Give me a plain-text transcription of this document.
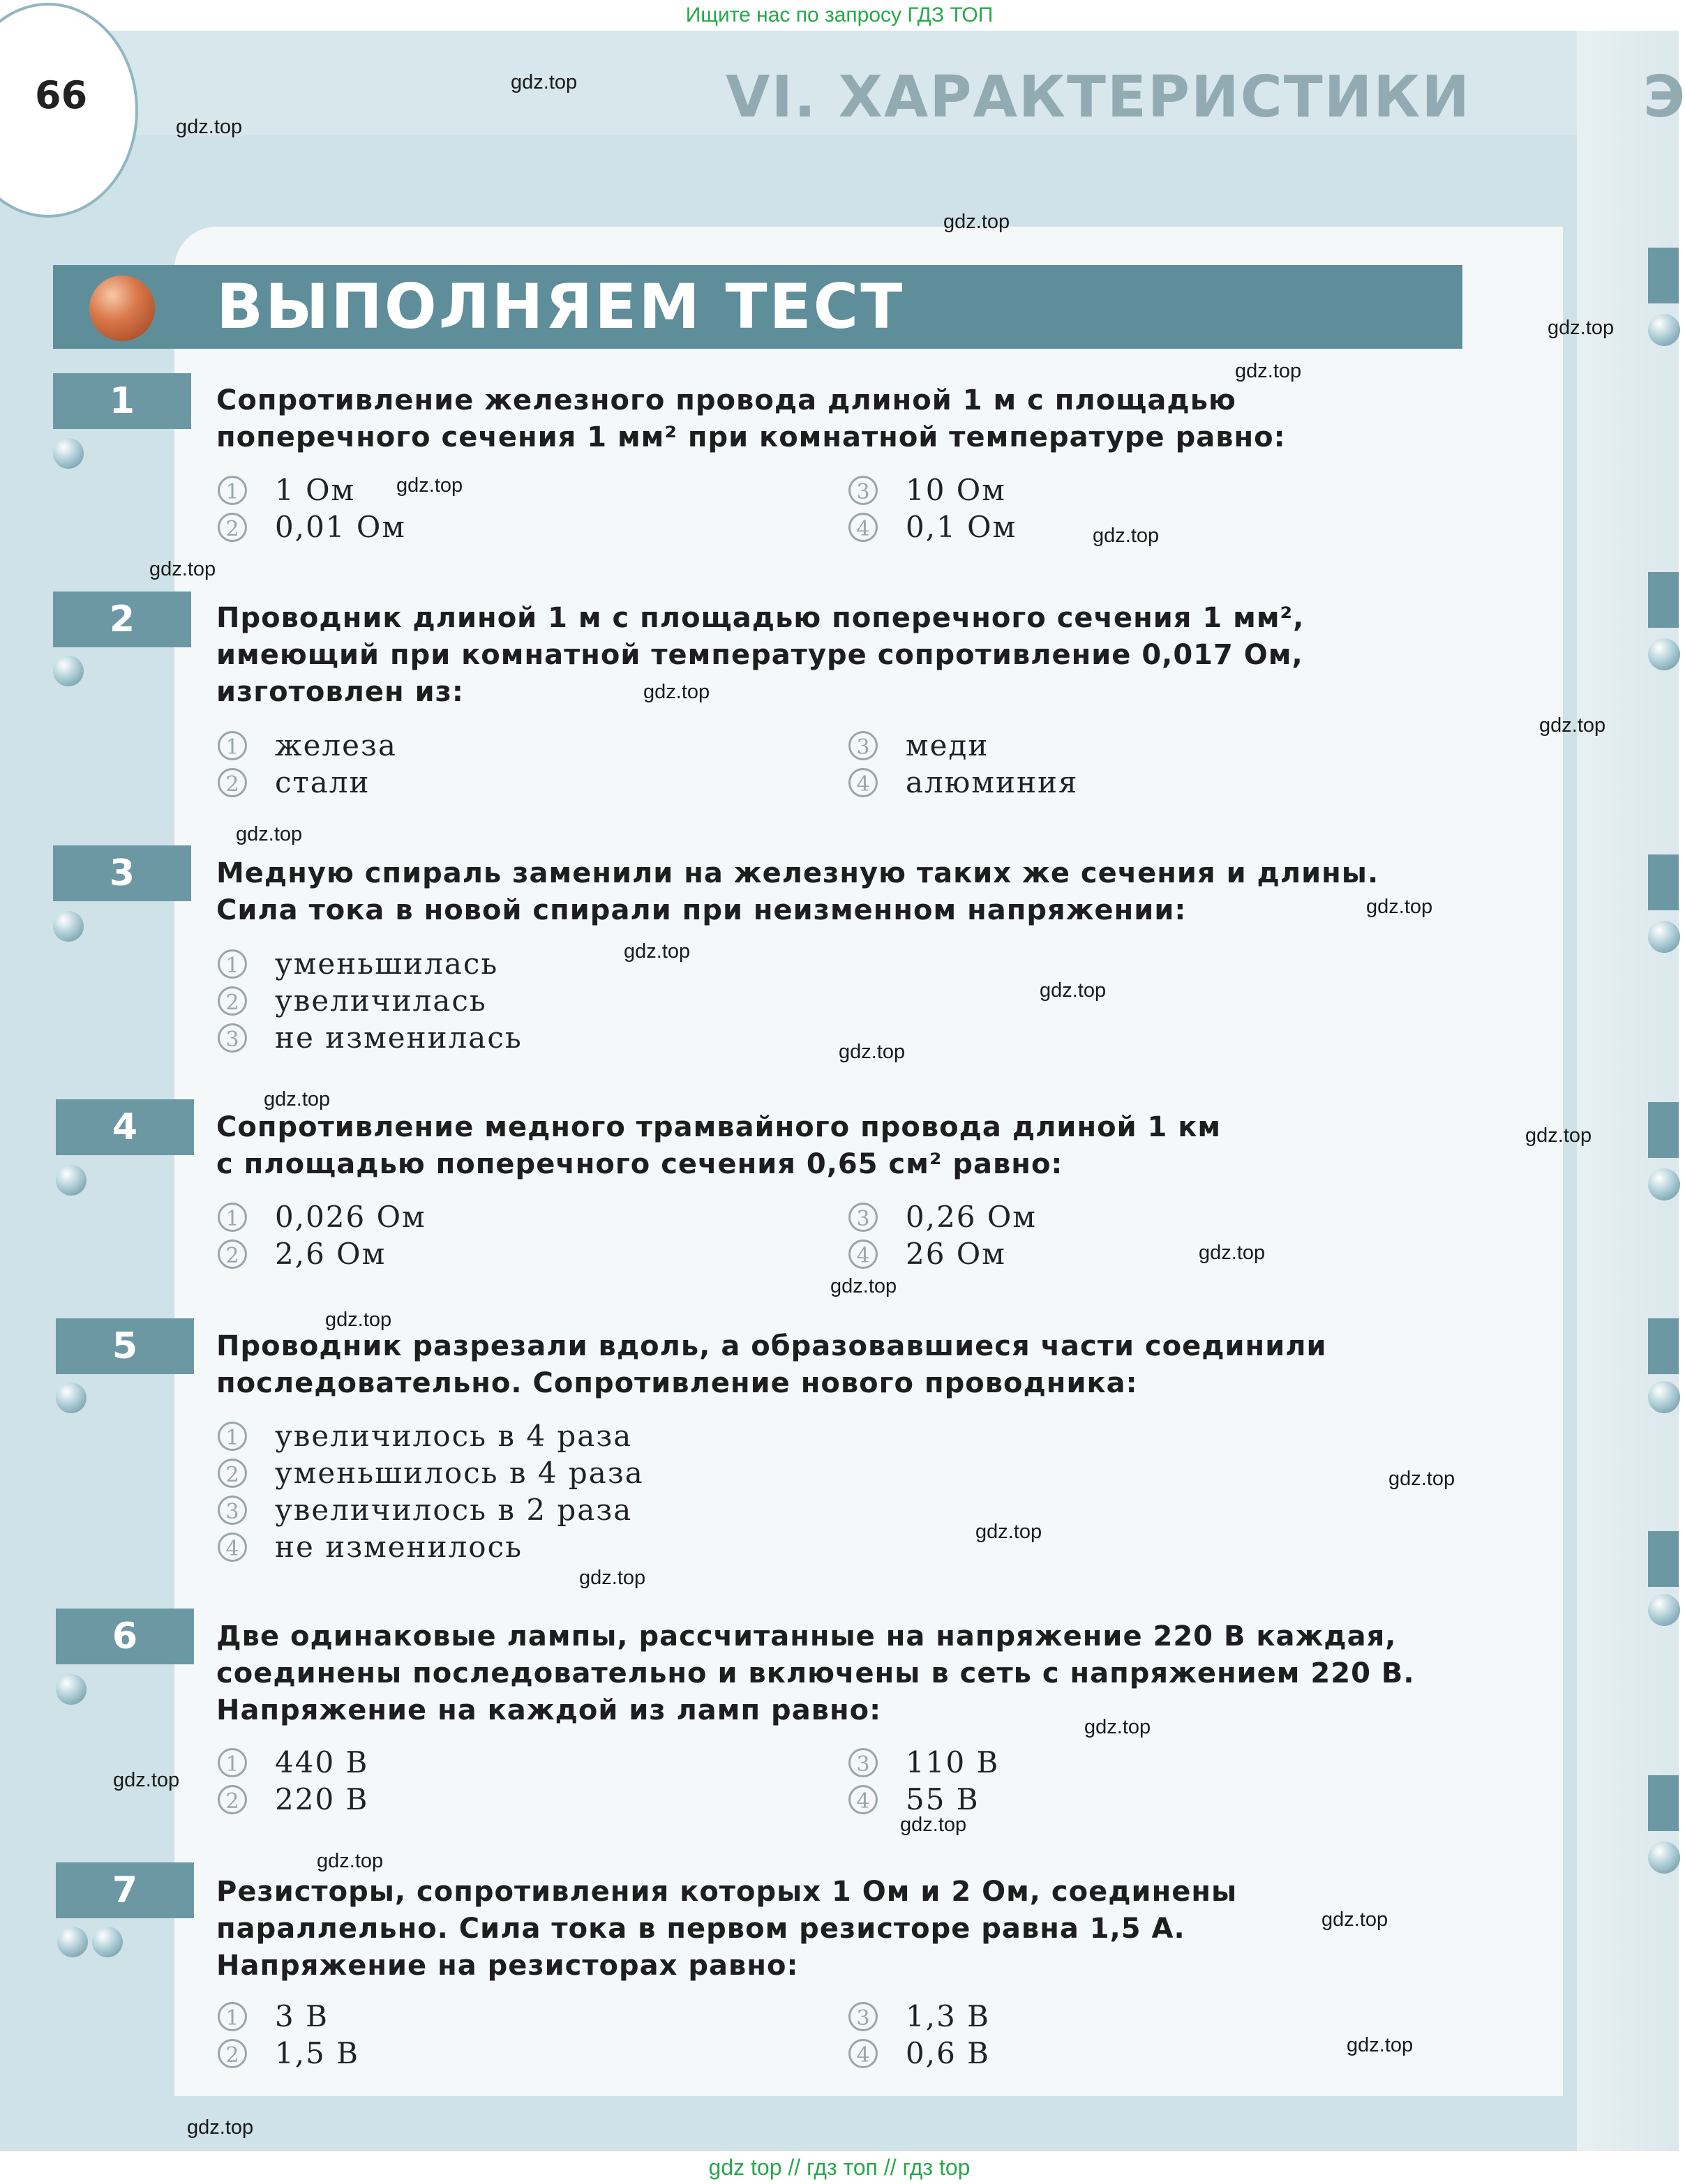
Ищите нас по запросу ГДЗ ТОП
66	VI. ХАРАКТЕРИСТИКИ	Э
ВЫПОЛНЯЕМ ТЕСТ
1	Сопротивление железного провода длиной 1 м с площадью
поперечного сечения 1 мм² при комнатной температуре равно:
1 1 Ом
2 0,01 Ом
3 10 Ом
4 0,1 Ом
2	Проводник длиной 1 м с площадью поперечного сечения 1 мм²,
имеющий при комнатной температуре сопротивление 0,017 Ом,
изготовлен из:
1 железа
2 стали
3 меди
4 алюминия
3	Медную спираль заменили на железную таких же сечения и длины.
Сила тока в новой спирали при неизменном напряжении:
1 уменьшилась
2 увеличилась
3 не изменилась
4	Сопротивление медного трамвайного провода длиной 1 км
с площадью поперечного сечения 0,65 см² равно:
1 0,026 Ом
2 2,6 Ом
3 0,26 Ом
4 26 Ом
5	Проводник разрезали вдоль, а образовавшиеся части соединили
последовательно. Сопротивление нового проводника:
1 увеличилось в 4 раза
2 уменьшилось в 4 раза
3 увеличилось в 2 раза
4 не изменилось
6	Две одинаковые лампы, рассчитанные на напряжение 220 В каждая,
соединены последовательно и включены в сеть с напряжением 220 В.
Напряжение на каждой из ламп равно:
1 440 В
2 220 В
3 110 В
4 55 В
7	Резисторы, сопротивления которых 1 Ом и 2 Ом, соединены
параллельно. Сила тока в первом резисторе равна 1,5 А.
Напряжение на резисторах равно:
1 3 В
2 1,5 В
3 1,3 В
4 0,6 В
gdz.top
gdz.top
gdz.top
gdz.top
gdz.top
gdz.top
gdz.top
gdz.top
gdz.top
gdz.top
gdz.top
gdz.top
gdz.top
gdz.top
gdz.top
gdz.top
gdz.top
gdz.top
gdz.top
gdz.top
gdz.top
gdz.top
gdz.top
gdz.top
gdz.top
gdz.top
gdz.top
gdz.top
gdz.top
gdz.top
gdz top // гдз топ // гдз top
